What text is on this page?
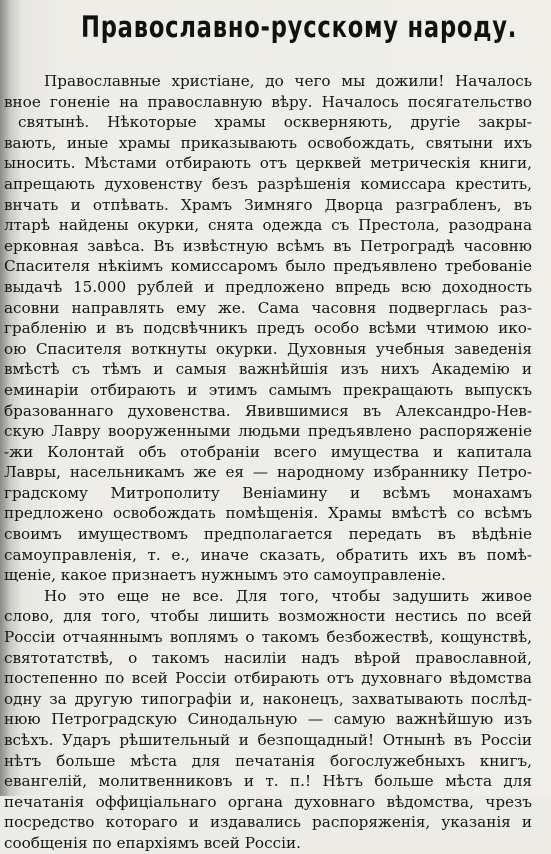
Православно-русскому народу.
Православные христiане, до чего мы дожили! Началось
вное гоненiе на православную вѣру. Началось посягательство
святынѣ. Нѣкоторые храмы оскверняють, другiе закры-
вають, иные храмы приказывають освобождать, святыни ихъ
ыносить. Мѣстами отбирають отъ церквей метрическiя книги,
апрещають духовенству безъ разрѣшенiя комиссара крестить,
внчать и отпѣвать. Храмъ Зимняго Дворца разграбленъ, въ
лтарѣ найдены окурки, снята одежда съ Престола, разодрана
ерковная завѣса. Въ извѣстную всѣмъ въ Петроградѣ часовню
Спасителя нѣкiимъ комиссаромъ было предъявлено требованiе
выдачѣ 15.000 рублей и предложено впредь всю доходность
асовни направлять ему же. Сама часовня подверглась раз-
грабленiю и въ подсвѣчникъ предъ особо всѣми чтимою ико-
ою Спасителя воткнуты окурки. Духовныя учебныя заведенiя
вмѣстѣ съ тѣмъ и самыя важнѣйшiя изъ нихъ Академiю и
еминарiи отбирають и этимъ самымъ прекращають выпускъ
бразованнаго духовенства. Явившимися въ Александро-Нев-
скую Лавру вооруженными людьми предъявлено распоряженiе
-жи Колонтай объ отобранiи всего имущества и капитала
Лавры, насельникамъ же ея — народному избраннику Петро-
градскому Митрополиту Венiамину и всѣмъ монахамъ
предложено освобождать помѣщенiя. Храмы вмѣстѣ со всѣмъ
своимъ имуществомъ предполагается передать въ вѣдѣнiе
самоуправленiя, т. е., иначе сказать, обратить ихъ въ помѣ-
щенiе, какое признаетъ нужнымъ это самоуправленiе.
Но это еще не все. Для того, чтобы задушить живое
слово, для того, чтобы лишить возможности нестись по всей
Россiи отчаяннымъ воплямъ о такомъ безбожествѣ, кощунствѣ,
святотатствѣ, о такомъ насилiи надъ вѣрой православной,
постепенно по всей Россiи отбирають отъ духовнаго вѣдомства
одну за другую типографiи и, наконецъ, захватывають послѣд-
нюю Петроградскую Синодальную — самую важнѣйшую изъ
всѣхъ. Ударъ рѣшительный и безпощадный! Отнынѣ въ Россiи
нѣтъ больше мѣста для печатанiя богослужебныхъ книгъ,
евангелiй, молитвенниковъ и т. п.! Нѣтъ больше мѣста для
печатанiя оффицiальнаго органа духовнаго вѣдомства, чрезъ
посредство котораго и издавались распоряженiя, указанiя и
сообщенiя по епархiямъ всей Россiи.
